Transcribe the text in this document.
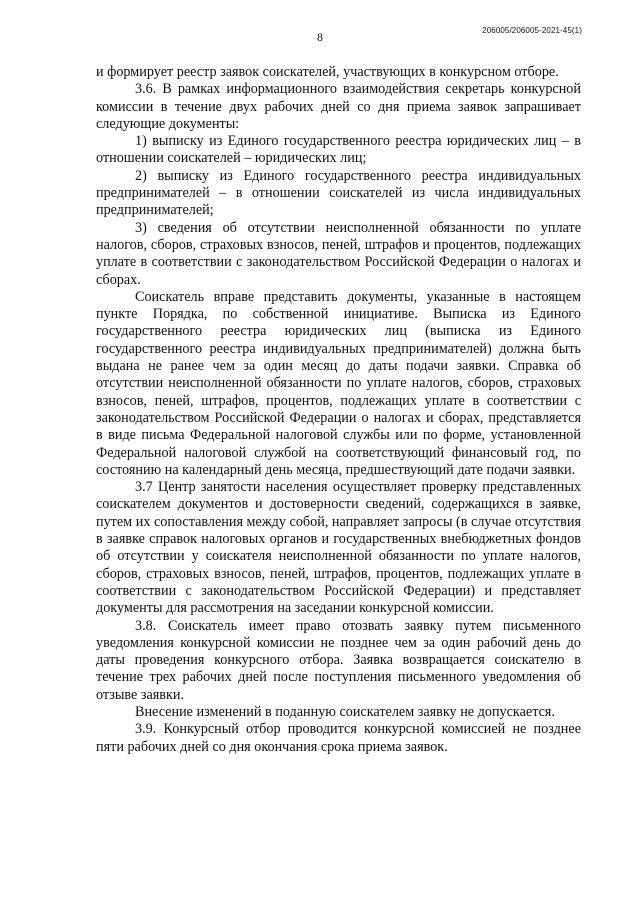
8	206005/206005-2021-45(1)

и формирует реестр заявок соискателей, участвующих в конкурсном отборе.

3.6. В рамках информационного взаимодействия секретарь конкурсной комиссии в течение двух рабочих дней со дня приема заявок запрашивает следующие документы:

1) выписку из Единого государственного реестра юридических лиц – в отношении соискателей – юридических лиц;

2) выписку из Единого государственного реестра индивидуальных предпринимателей – в отношении соискателей из числа индивидуальных предпринимателей;

3) сведения об отсутствии неисполненной обязанности по уплате налогов, сборов, страховых взносов, пеней, штрафов и процентов, подлежащих уплате в соответствии с законодательством Российской Федерации о налогах и сборах.

Соискатель вправе представить документы, указанные в настоящем пункте Порядка, по собственной инициативе. Выписка из Единого государственного реестра юридических лиц (выписка из Единого государственного реестра индивидуальных предпринимателей) должна быть выдана не ранее чем за один месяц до даты подачи заявки. Справка об отсутствии неисполненной обязанности по уплате налогов, сборов, страховых взносов, пеней, штрафов, процентов, подлежащих уплате в соответствии с законодательством Российской Федерации о налогах и сборах, представляется в виде письма Федеральной налоговой службы или по форме, установленной Федеральной налоговой службой на соответствующий финансовый год, по состоянию на календарный день месяца, предшествующий дате подачи заявки.

3.7 Центр занятости населения осуществляет проверку представленных соискателем документов и достоверности сведений, содержащихся в заявке, путем их сопоставления между собой, направляет запросы (в случае отсутствия в заявке справок налоговых органов и государственных внебюджетных фондов об отсутствии у соискателя неисполненной обязанности по уплате налогов, сборов, страховых взносов, пеней, штрафов, процентов, подлежащих уплате в соответствии с законодательством Российской Федерации) и представляет документы для рассмотрения на заседании конкурсной комиссии.

3.8. Соискатель имеет право отозвать заявку путем письменного уведомления конкурсной комиссии не позднее чем за один рабочий день до даты проведения конкурсного отбора. Заявка возвращается соискателю в течение трех рабочих дней после поступления письменного уведомления об отзыве заявки.

Внесение изменений в поданную соискателем заявку не допускается.

3.9. Конкурсный отбор проводится конкурсной комиссией не позднее пяти рабочих дней со дня окончания срока приема заявок.
